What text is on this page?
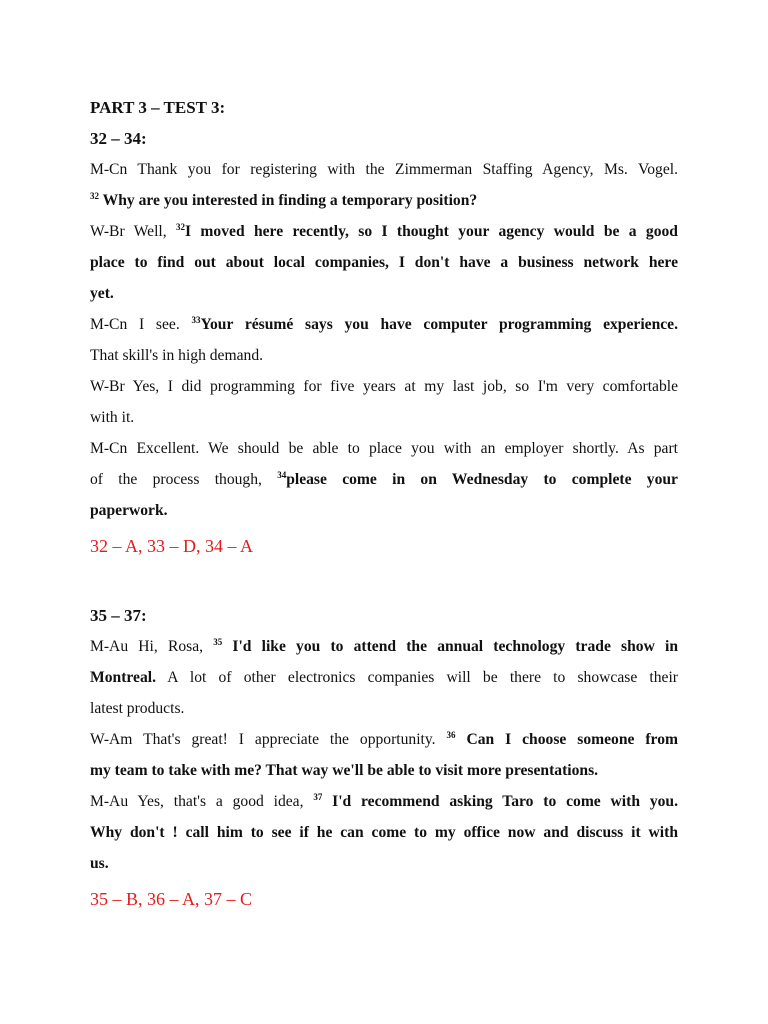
PART 3 – TEST 3:

32 – 34:

M-Cn Thank you for registering with the Zimmerman Staffing Agency, Ms. Vogel.

$^{32}$ Why are you interested in finding a temporary position?

W-Br Well, $^{32}$I moved here recently, so I thought your agency would be a good

place to find out about local companies, I don't have a business network here

yet.

M-Cn I see. $^{33}$Your résumé says you have computer programming experience.

That skill's in high demand.

W-Br Yes, I did programming for five years at my last job, so I'm very comfortable

with it.

M-Cn Excellent. We should be able to place you with an employer shortly. As part

of the process though, $^{34}$please come in on Wednesday to complete your

paperwork.

32 – A, 33 – D, 34 – A

35 – 37:

M-Au Hi, Rosa, $^{35}$ I'd like you to attend the annual technology trade show in

Montreal. A lot of other electronics companies will be there to showcase their

latest products.

W-Am That's great! I appreciate the opportunity. $^{36}$ Can I choose someone from

my team to take with me? That way we'll be able to visit more presentations.

M-Au Yes, that's a good idea, $^{37}$ I'd recommend asking Taro to come with you.

Why don't ! call him to see if he can come to my office now and discuss it with

us.

35 – B, 36 – A, 37 – C
